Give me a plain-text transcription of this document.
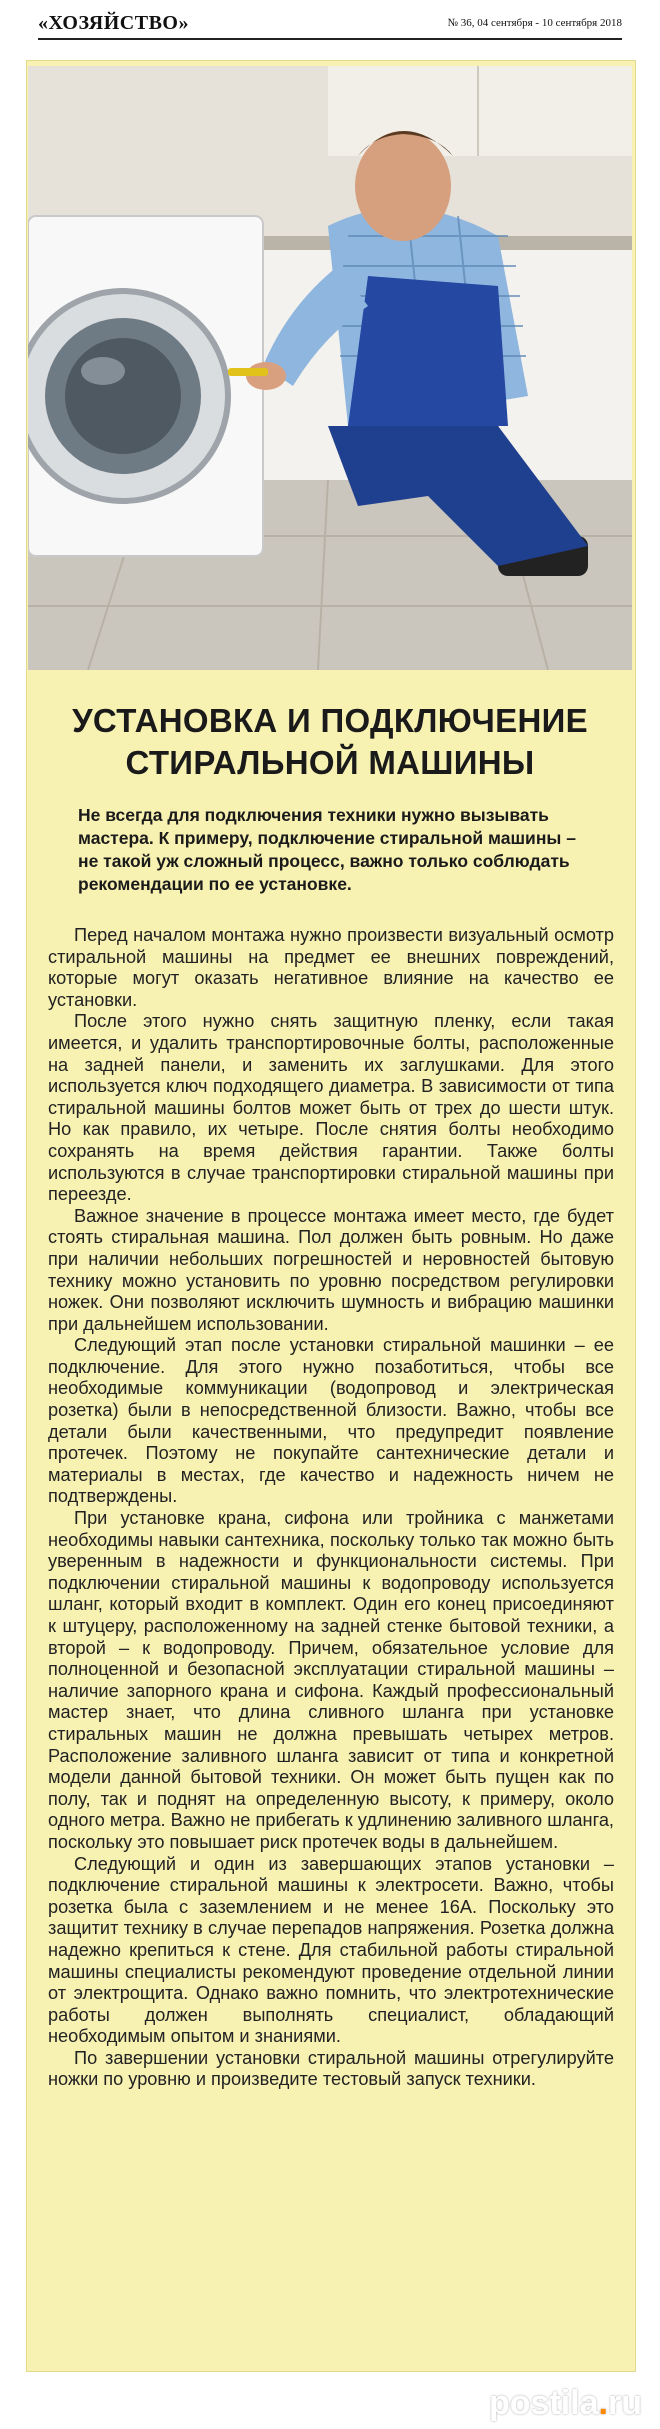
«ХОЗЯЙСТВО»	№ 36, 04 сентября - 10 сентября 2018
УСТАНОВКА И ПОДКЛЮЧЕНИЕ
СТИРАЛЬНОЙ МАШИНЫ
Не всегда для подключения техники нужно вызывать мастера. К примеру, подключение стиральной машины – не такой уж сложный процесс, важно только соблюдать рекомендации по ее установке.

Перед началом монтажа нужно произвести визуальный осмотр стиральной машины на предмет ее внешних повреждений, которые могут оказать негативное влияние на качество ее установки.

После этого нужно снять защитную пленку, если такая имеется, и удалить транспортировочные болты, расположенные на задней панели, и заменить их заглушками. Для этого используется ключ подходящего диаметра. В зависимости от типа стиральной машины болтов может быть от трех до шести штук. Но как правило, их четыре. После снятия болты необходимо сохранять на время действия гарантии. Также болты используются в случае транспортировки стиральной машины при переезде.

Важное значение в процессе монтажа имеет место, где будет стоять стиральная машина. Пол должен быть ровным. Но даже при наличии небольших погрешностей и неровностей бытовую технику можно установить по уровню посредством регулировки ножек. Они позволяют исключить шумность и вибрацию машинки при дальнейшем использовании.

Следующий этап после установки стиральной машинки – ее подключение. Для этого нужно позаботиться, чтобы все необходимые коммуникации (водопровод и электрическая розетка) были в непосредственной близости. Важно, чтобы все детали были качественными, что предупредит появление протечек. Поэтому не покупайте сантехнические детали и материалы в местах, где качество и надежность ничем не подтверждены.

При установке крана, сифона или тройника с манжетами необходимы навыки сантехника, поскольку только так можно быть уверенным в надежности и функциональности системы. При подключении стиральной машины к водопроводу используется шланг, который входит в комплект. Один его конец присоединяют к штуцеру, расположенному на задней стенке бытовой техники, а второй – к водопроводу. Причем, обязательное условие для полноценной и безопасной эксплуатации стиральной машины – наличие запорного крана и сифона. Каждый профессиональный мастер знает, что длина сливного шланга при установке стиральных машин не должна превышать четырех метров. Расположение заливного шланга зависит от типа и конкретной модели данной бытовой техники. Он может быть пущен как по полу, так и поднят на определенную высоту, к примеру, около одного метра. Важно не прибегать к удлинению заливного шланга, поскольку это повышает риск протечек воды в дальнейшем.

Следующий и один из завершающих этапов установки – подключение стиральной машины к электросети. Важно, чтобы розетка была с заземлением и не менее 16А. Поскольку это защитит технику в случае перепадов напряжения. Розетка должна надежно крепиться к стене. Для стабильной работы стиральной машины специалисты рекомендуют проведение отдельной линии от электрощита. Однако важно помнить, что электротехнические работы должен выполнять специалист, обладающий необходимым опытом и знаниями.

По завершении установки стиральной машины отрегулируйте ножки по уровню и произведите тестовый запуск техники.

postila . ru
